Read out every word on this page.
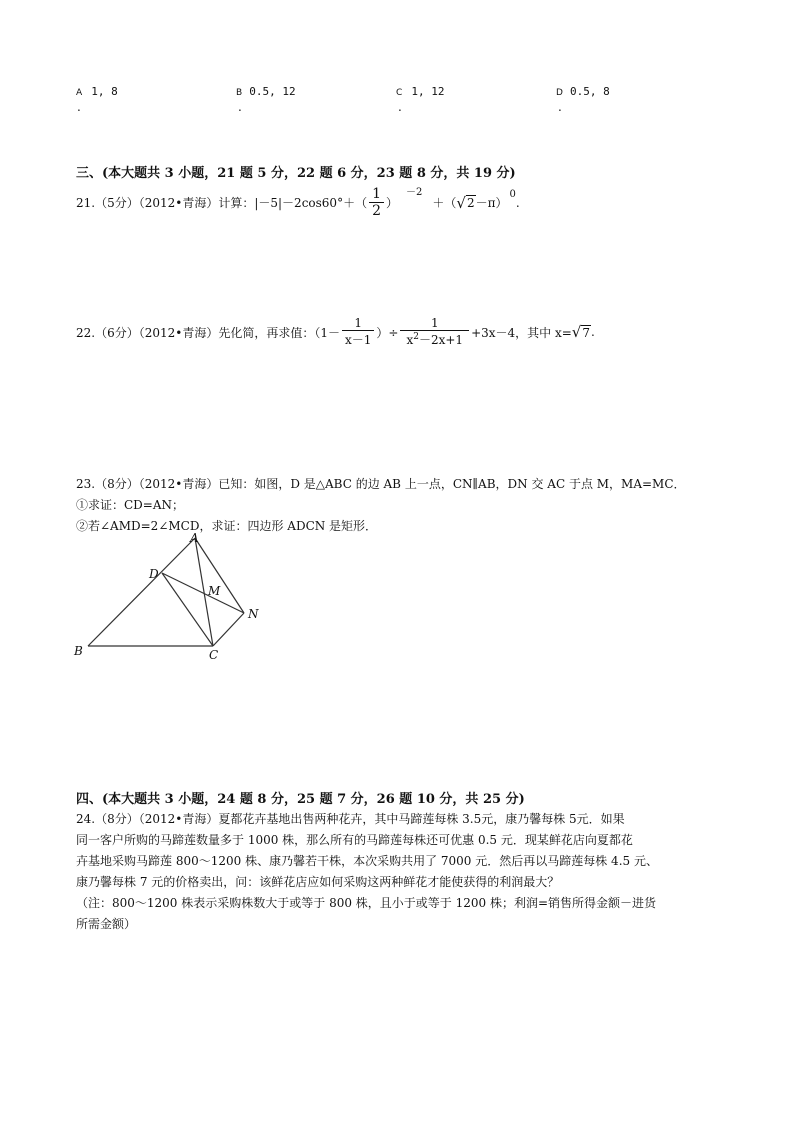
A 1, 8
.
B 0.5, 12
.
C 1, 12
.
D 0.5, 8
.
三、(本大题共 3 小题，21 题 5 分，22 题 6 分，23 题 8 分，共 19 分)
21.（5分）（2012•青海）计算：$|-5|-2\cos 60^\circ+( \frac{1}{2}$ ）
－2
＋（ √ 2 －π）
0
.
22.（6分）（2012•青海）先化简，再求值：（$1- \frac{1}{x-1}$ ）÷ $\frac{1}{x^2-2x+1} +3x-4$，其中 x= √ 7 .
23.（8分）（2012•青海）已知：如图，D 是△ABC 的边 AB 上一点，CN∥AB，DN 交 AC 于点 M，MA=MC．
①求证：CD=AN；
②若∠AMD=2∠MCD，求证：四边形 ADCN 是矩形．
A
B	C
D
M
N
四、(本大题共 3 小题，24 题 8 分，25 题 7 分，26 题 10 分，共 25 分)
24.（8分）（2012•青海）夏都花卉基地出售两种花卉，其中马蹄莲每株 3.5元，康乃馨每株 5元．如果
同一客户所购的马蹄莲数量多于 1000 株，那么所有的马蹄莲每株还可优惠 0.5 元．现某鲜花店向夏都花
卉基地采购马蹄莲 800～1200 株、康乃馨若干株，本次采购共用了 7000 元．然后再以马蹄莲每株 4.5 元、
康乃馨每株 7 元的价格卖出，问：该鲜花店应如何采购这两种鲜花才能使获得的利润最大？
（注：800～1200 株表示采购株数大于或等于 800 株，且小于或等于 1200 株；利润=销售所得金额－进货
所需金额）
